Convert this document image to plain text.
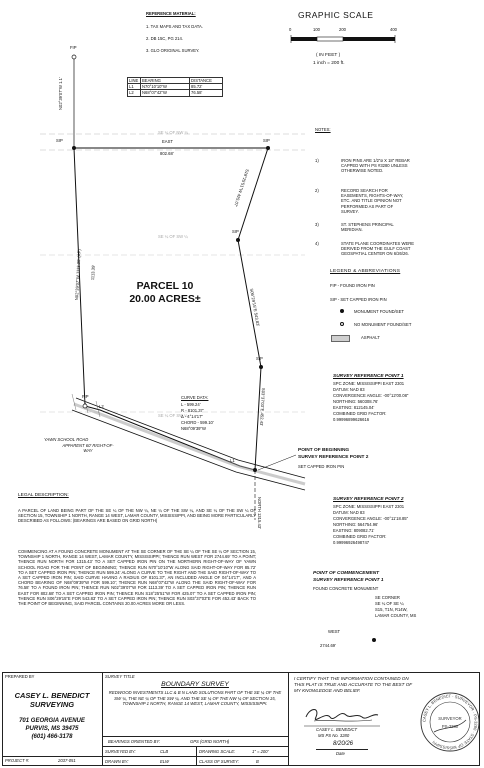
REFERENCE MATERIAL:
1. TAX MAPS AND TAX DATA.
2. DB 15C, PG 214.
3. GLO ORIGINAL SURVEY.
GRAPHIC SCALE
0	100	200	400
( IN FEET )
1 inch = 200 ft.
LINE	BEARING	DISTANCE
L1	N70°10'10"W	85.72'
L2	N68°07'42"W	76.58'
NOTES:
1)	IRON PINS ARE 1/2"ø X 18" REBAR CAPPED WITH PS #3280 UNLESS OTHERWISE NOTED.
2)	RECORD SEARCH FOR EASEMENTS, RIGHTS-OF-WAY, ETC. AND TITLE OPINION NOT PERFORMED AS PART OF SURVEY.
3)	ST. STEPHENS PRINCIPAL MERIDIAN.
4)	STATE PLANE COORDINATES WERE DERIVED FROM THE GULF COAST GEOSPATIAL CENTER ON 6/26/26.
LEGEND & ABBREVIATIONS
FIP - FOUND IRON PIN
SIP - SET CAPPED IRON PIN
MONUMENT FOUND/SET
NO MONUMENT FOUND/SET
ASPHALT
FIP
SIP	SIP
SIP
SIP
FIP
EAST
802.68'
N02°39'07"W 1.1'
N02°39'07"W 1113.39' (AP) 1113.39'
S18°25'51"W 425.07'
S06°29'15"E 543.83'
S03°37'03"E 452.43'
NORTH 1315.43'
L2
L1
SE ¼ OF NW ¼
SE ¼ OF SW ¼
SE ¼ OF SW ¼
PARCEL 10
20.00 ACRES±
YAWN SCHOOL ROAD
APPARENT 60' RIGHT-OF-WAY
CURVE DATA:
L - 599.24'
R - 8101.37'
Δ - 4°14'17"
CHORD - 599.10'
N68°09'39"W
SURVEY REFERENCE POINT 1
SPC ZONE: MISSISSIPPI EAST 2301
DATUM: NAD 83
CONVERGENCE ANGLE: -00°12'00.08"
NORTHING: 560308.76'
EASTING: 812145.04'
COMBINED GRID FACTOR:
0.99996899626616
POINT OF BEGINNING
SURVEY REFERENCE POINT 2
SET CAPPED IRON PIN
SURVEY REFERENCE POINT 2
SPC ZONE: MISSISSIPPI EAST 2301
DATUM: NAD 83
CONVERGENCE ANGLE: -00°11'18.85"
NORTHING: 564754.96'
EASTING: 809082.71'
COMBINED GRID FACTOR:
0.99996926498747
POINT OF COMMENCEMENT
SURVEY REFERENCE POINT 1
FOUND CONCRETE MONUMENT
SE CORNER
SE ¼ OF SE ¼
S15, T1N, R14W,
LAMAR COUNTY, MS
WEST
2744.69'
LEGAL DESCRIPTION:
A PARCEL OF LAND BEING PART OF THE SE ¼ OF THE NW ¼, NE ¼ OF THE SW ¼, AND SE ¼ OF THE SW ¼ OF SECTION 15, TOWNSHIP 1 NORTH, RANGE 14 WEST, LAMAR COUNTY, MISSISSIPPI, AND BEING MORE PARTICULARLY DESCRIBED AS FOLLOWS: (BEARINGS ARE BASED ON GRID NORTH)
COMMENCING AT A FOUND CONCRETE MONUMENT AT THE SE CORNER OF THE SE ¼ OF THE SE ¼ OF SECTION 15, TOWNSHIP 1 NORTH, RANGE 14 WEST, LAMAR COUNTY, MISSISSIPPI; THENCE RUN WEST FOR 2744.69' TO A POINT; THENCE RUN NORTH FOR 1315.43' TO A SET CAPPED IRON PIN ON THE NORTHERN RIGHT-OF-WAY OF YAWN SCHOOL ROAD FOR THE POINT OF BEGINNING; THENCE RUN N70°10'10"W ALONG SAID RIGHT-OF-WAY FOR 85.72' TO A SET CAPPED IRON PIN; THENCE RUN 599.24' ALONG A CURVE TO THE RIGHT AND THE SAID RIGHT-OF-WAY TO A SET CAPPED IRON PIN; SAID CURVE HAVING A RADIUS OF 8101.37', AN INCLUDED ANGLE OF 04°14'17", AND A CHORD BEARING OF N68°09'39"W FOR 599.10'; THENCE RUN N68°07'42"W ALONG THE SAID RIGHT-OF-WAY FOR 76.58' TO A FOUND IRON PIN; THENCE RUN N02°39'07"W FOR 1113.39' TO A SET CAPPED IRON PIN; THENCE RUN EAST FOR 802.68' TO A SET CAPPED IRON PIN; THENCE RUN S18°25'51"W FOR 425.07' TO A SET CAPPED IRON PIN; THENCE RUN S06°29'15"E FOR 543.83' TO A SET CAPPED IRON PIN; THENCE RUN S03°37'03"E FOR 452.43' BACK TO THE POINT OF BEGINNING, SAID PARCEL CONTAINS 20.00 ACRES MORE OR LESS.
PREPARED BY
CASEY L. BENEDICT
SURVEYING
701 GEORGIA AVENUE
PURVIS, MS 39475
(601) 466-3178
PROJECT #:	2037-051
SURVEY TITLE
BOUNDARY SURVEY
REDWOOD INVESTMENTS LLC & B N LAND SOLUTIONS PART OF THE SE ¼ OF THE SW ¼, THE NE ¼ OF THE SW ¼, AND THE SE ¼ OF THE NW ¼ OF SECTION 15, TOWNSHIP 1 NORTH, RANGE 14 WEST, LAMAR COUNTY, MISSISSIPPI.
BEARINGS ORIENTED BY:	GPS (GRID NORTH)
SURVEYED BY:	CLB	DRAWING SCALE:	1" = 200'
DRAWN BY:	ELW	CLASS OF SURVEY:	B
I CERTIFY THAT THE INFORMATION CONTAINED ON THIS PLAT IS TRUE AND ACCURATE TO THE BEST OF MY KNOWLEDGE AND BELIEF.
CASEY L. BENEDICT
MS PS No. 3280
8/20/26
Date
CASEY L. BENEDICT · SURVEYOR · PS-3280 · STATE OF MISSISSIPPI
SURVEYOR
PS-3280
